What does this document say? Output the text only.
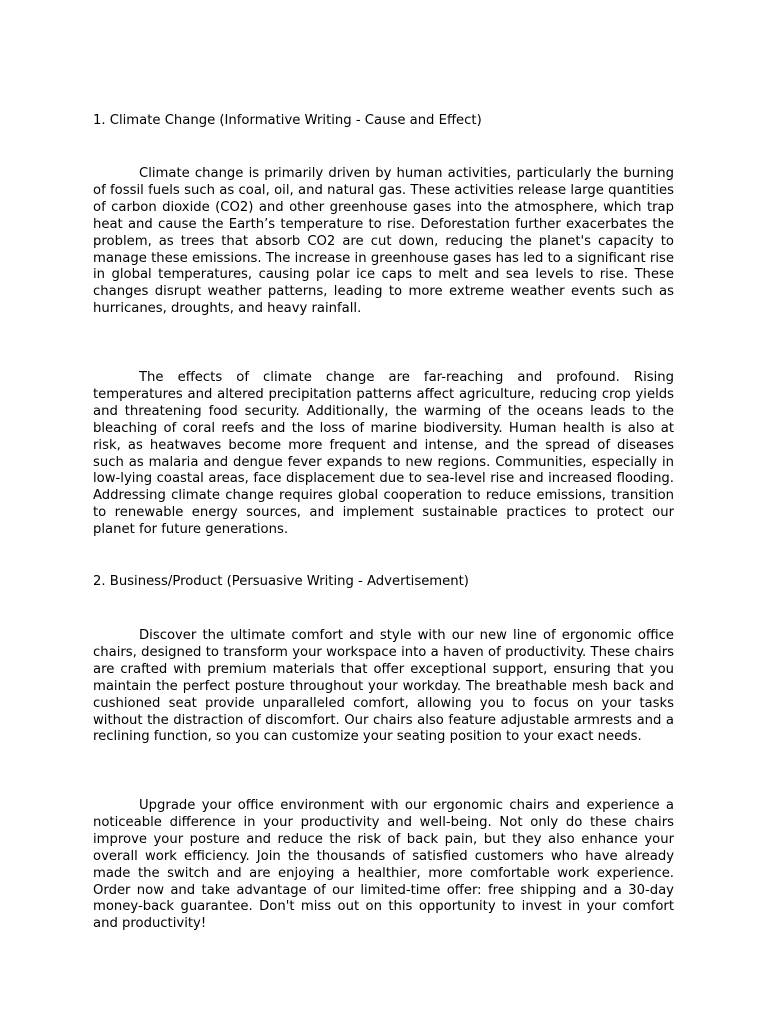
1. Climate Change (Informative Writing - Cause and Effect)

Climate change is primarily driven by human activities, particularly the burning of fossil fuels such as coal, oil, and natural gas. These activities release large quantities of carbon dioxide (CO2) and other greenhouse gases into the atmosphere, which trap heat and cause the Earth’s temperature to rise. Deforestation further exacerbates the problem, as trees that absorb CO2 are cut down, reducing the planet's capacity to manage these emissions. The increase in greenhouse gases has led to a significant rise in global temperatures, causing polar ice caps to melt and sea levels to rise. These changes disrupt weather patterns, leading to more extreme weather events such as hurricanes, droughts, and heavy rainfall.

The effects of climate change are far-reaching and profound. Rising temperatures and altered precipitation patterns affect agriculture, reducing crop yields and threatening food security. Additionally, the warming of the oceans leads to the bleaching of coral reefs and the loss of marine biodiversity. Human health is also at risk, as heatwaves become more frequent and intense, and the spread of diseases such as malaria and dengue fever expands to new regions. Communities, especially in low-lying coastal areas, face displacement due to sea-level rise and increased flooding. Addressing climate change requires global cooperation to reduce emissions, transition to renewable energy sources, and implement sustainable practices to protect our planet for future generations.

2. Business/Product (Persuasive Writing - Advertisement)

Discover the ultimate comfort and style with our new line of ergonomic office chairs, designed to transform your workspace into a haven of productivity. These chairs are crafted with premium materials that offer exceptional support, ensuring that you maintain the perfect posture throughout your workday. The breathable mesh back and cushioned seat provide unparalleled comfort, allowing you to focus on your tasks without the distraction of discomfort. Our chairs also feature adjustable armrests and a reclining function, so you can customize your seating position to your exact needs.

Upgrade your office environment with our ergonomic chairs and experience a noticeable difference in your productivity and well-being. Not only do these chairs improve your posture and reduce the risk of back pain, but they also enhance your overall work efficiency. Join the thousands of satisfied customers who have already made the switch and are enjoying a healthier, more comfortable work experience. Order now and take advantage of our limited-time offer: free shipping and a 30-day money-back guarantee. Don't miss out on this opportunity to invest in your comfort and productivity!
